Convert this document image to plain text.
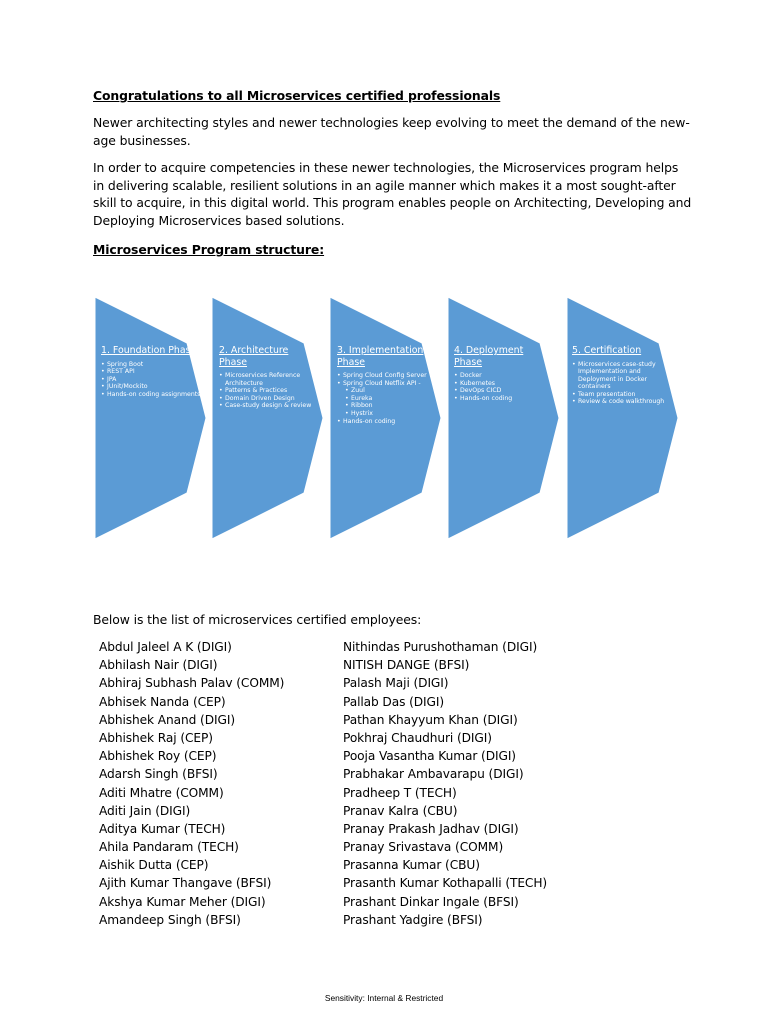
Congratulations to all Microservices certified professionals
Newer architecting styles and newer technologies keep evolving to meet the demand of the new-age businesses.
In order to acquire competencies in these newer technologies, the Microservices program helps in delivering scalable, resilient solutions in an agile manner which makes it a most sought-after skill to acquire, in this digital world. This program enables people on Architecting, Developing and Deploying Microservices based solutions.
Microservices Program structure:
1. Foundation Phase
• Spring Boot
• REST API
• JPA
• JUnit/Mockito
• Hands-on coding assignments
2. Architecture Phase
• Microservices Reference Architecture
• Patterns & Practices
• Domain Driven Design
• Case-study design & review
3. Implementation Phase
• Spring Cloud Config Server
• Spring Cloud Netflix API -
• Zuul
• Eureka
• Ribbon
• Hystrix
• Hands-on coding
4. Deployment Phase
• Docker
• Kubernetes
• DevOps CICD
• Hands-on coding
5. Certification
• Microservices case-study Implementation and Deployment in Docker containers
• Team presentation
• Review & code walkthrough
Below is the list of microservices certified employees:
Abdul Jaleel A K (DIGI)
Abhilash Nair (DIGI)
Abhiraj Subhash Palav (COMM)
Abhisek Nanda (CEP)
Abhishek Anand (DIGI)
Abhishek Raj (CEP)
Abhishek Roy (CEP)
Adarsh Singh (BFSI)
Aditi Mhatre (COMM)
Aditi Jain (DIGI)
Aditya Kumar (TECH)
Ahila Pandaram (TECH)
Aishik Dutta (CEP)
Ajith Kumar Thangave (BFSI)
Akshya Kumar Meher (DIGI)
Amandeep Singh (BFSI)
Nithindas Purushothaman (DIGI)
NITISH DANGE (BFSI)
Palash Maji (DIGI)
Pallab Das (DIGI)
Pathan Khayyum Khan (DIGI)
Pokhraj Chaudhuri (DIGI)
Pooja Vasantha Kumar (DIGI)
Prabhakar Ambavarapu (DIGI)
Pradheep T (TECH)
Pranav Kalra (CBU)
Pranay Prakash Jadhav (DIGI)
Pranay Srivastava (COMM)
Prasanna Kumar (CBU)
Prasanth Kumar Kothapalli (TECH)
Prashant Dinkar Ingale (BFSI)
Prashant Yadgire (BFSI)
Sensitivity: Internal & Restricted
